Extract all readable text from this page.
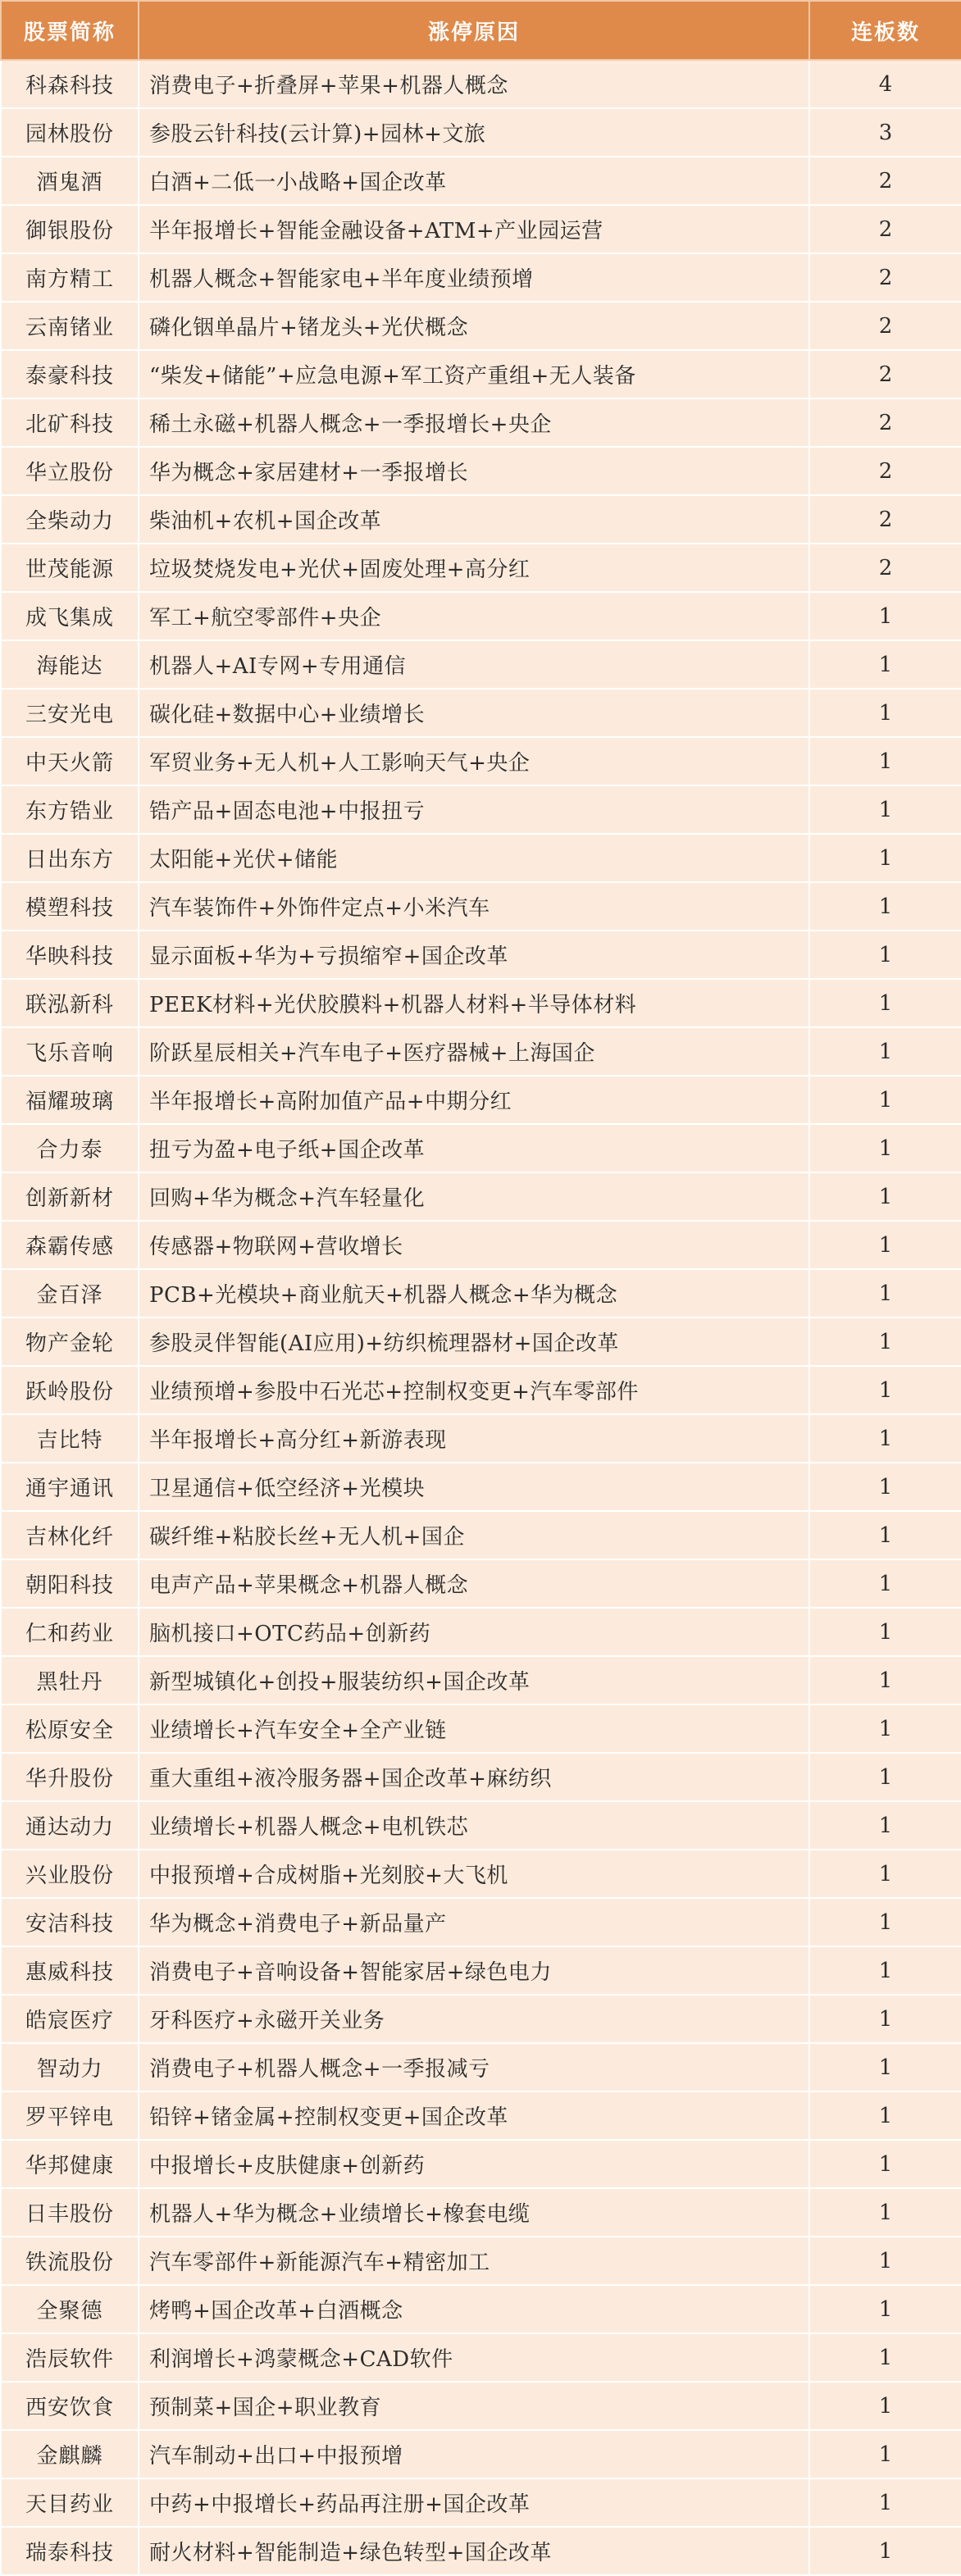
股票简称	涨停原因	连板数
科森科技	消费电子+折叠屏+苹果+机器人概念	4
园林股份	参股云针科技(云计算)+园林+文旅	3
酒鬼酒	白酒+二低一小战略+国企改革	2
御银股份	半年报增长+智能金融设备+ATM+产业园运营	2
南方精工	机器人概念+智能家电+半年度业绩预增	2
云南锗业	磷化铟单晶片+锗龙头+光伏概念	2
泰豪科技	“柴发+储能”+应急电源+军工资产重组+无人装备	2
北矿科技	稀土永磁+机器人概念+一季报增长+央企	2
华立股份	华为概念+家居建材+一季报增长	2
全柴动力	柴油机+农机+国企改革	2
世茂能源	垃圾焚烧发电+光伏+固废处理+高分红	2
成飞集成	军工+航空零部件+央企	1
海能达	机器人+AI专网+专用通信	1
三安光电	碳化硅+数据中心+业绩增长	1
中天火箭	军贸业务+无人机+人工影响天气+央企	1
东方锆业	锆产品+固态电池+中报扭亏	1
日出东方	太阳能+光伏+储能	1
模塑科技	汽车装饰件+外饰件定点+小米汽车	1
华映科技	显示面板+华为+亏损缩窄+国企改革	1
联泓新科	PEEK材料+光伏胶膜料+机器人材料+半导体材料	1
飞乐音响	阶跃星辰相关+汽车电子+医疗器械+上海国企	1
福耀玻璃	半年报增长+高附加值产品+中期分红	1
合力泰	扭亏为盈+电子纸+国企改革	1
创新新材	回购+华为概念+汽车轻量化	1
森霸传感	传感器+物联网+营收增长	1
金百泽	PCB+光模块+商业航天+机器人概念+华为概念	1
物产金轮	参股灵伴智能(AI应用)+纺织梳理器材+国企改革	1
跃岭股份	业绩预增+参股中石光芯+控制权变更+汽车零部件	1
吉比特	半年报增长+高分红+新游表现	1
通宇通讯	卫星通信+低空经济+光模块	1
吉林化纤	碳纤维+粘胶长丝+无人机+国企	1
朝阳科技	电声产品+苹果概念+机器人概念	1
仁和药业	脑机接口+OTC药品+创新药	1
黑牡丹	新型城镇化+创投+服装纺织+国企改革	1
松原安全	业绩增长+汽车安全+全产业链	1
华升股份	重大重组+液冷服务器+国企改革+麻纺织	1
通达动力	业绩增长+机器人概念+电机铁芯	1
兴业股份	中报预增+合成树脂+光刻胶+大飞机	1
安洁科技	华为概念+消费电子+新品量产	1
惠威科技	消费电子+音响设备+智能家居+绿色电力	1
皓宸医疗	牙科医疗+永磁开关业务	1
智动力	消费电子+机器人概念+一季报减亏	1
罗平锌电	铅锌+锗金属+控制权变更+国企改革	1
华邦健康	中报增长+皮肤健康+创新药	1
日丰股份	机器人+华为概念+业绩增长+橡套电缆	1
铁流股份	汽车零部件+新能源汽车+精密加工	1
全聚德	烤鸭+国企改革+白酒概念	1
浩辰软件	利润增长+鸿蒙概念+CAD软件	1
西安饮食	预制菜+国企+职业教育	1
金麒麟	汽车制动+出口+中报预增	1
天目药业	中药+中报增长+药品再注册+国企改革	1
瑞泰科技	耐火材料+智能制造+绿色转型+国企改革	1
